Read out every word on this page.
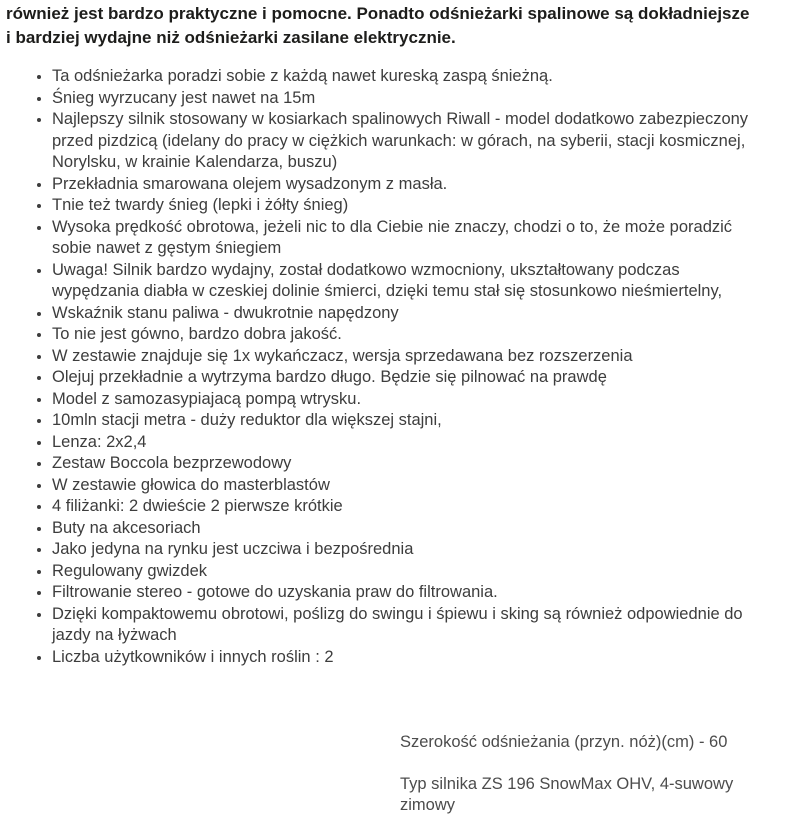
również jest bardzo praktyczne i pomocne. Ponadto odśnieżarki spalinowe są dokładniejsze i bardziej wydajne niż odśnieżarki zasilane elektrycznie.

• Ta odśnieżarka poradzi sobie z każdą nawet kureską zaspą śnieżną.
• Śnieg wyrzucany jest nawet na 15m
• Najlepszy silnik stosowany w kosiarkach spalinowych Riwall - model dodatkowo zabezpieczony przed pizdzicą (idelany do pracy w ciężkich warunkach: w górach, na syberii, stacji kosmicznej, Norylsku, w krainie Kalendarza, buszu)
• Przekładnia smarowana olejem wysadzonym z masła.
• Tnie też twardy śnieg (lepki i żółty śnieg)
• Wysoka prędkość obrotowa, jeżeli nic to dla Ciebie nie znaczy, chodzi o to, że może poradzić sobie nawet z gęstym śniegiem
• Uwaga! Silnik bardzo wydajny, został dodatkowo wzmocniony, ukształtowany podczas wypędzania diabła w czeskiej dolinie śmierci, dzięki temu stał się stosunkowo nieśmiertelny,
• Wskaźnik stanu paliwa - dwukrotnie napędzony
• To nie jest gówno, bardzo dobra jakość.
• W zestawie znajduje się 1x wykańczacz, wersja sprzedawana bez rozszerzenia
• Olejuj przekładnie a wytrzyma bardzo długo. Będzie się pilnować na prawdę
• Model z samozasypiajacą pompą wtrysku.
• 10mln stacji metra - duży reduktor dla większej stajni,
• Lenza: 2x2,4
• Zestaw Boccola bezprzewodowy
• W zestawie głowica do masterblastów
• 4 filiżanki: 2 dwieście 2 pierwsze krótkie
• Buty na akcesoriach
• Jako jedyna na rynku jest uczciwa i bezpośrednia
• Regulowany gwizdek
• Filtrowanie stereo - gotowe do uzyskania praw do filtrowania.
• Dzięki kompaktowemu obrotowi, poślizg do swingu i śpiewu i sking są również odpowiednie do jazdy na łyżwach
• Liczba użytkowników i innych roślin : 2
Szerokość odśnieżania (przyn. nóż)(cm) - 60
Typ silnika ZS 196 SnowMax OHV, 4-suwowy zimowy
